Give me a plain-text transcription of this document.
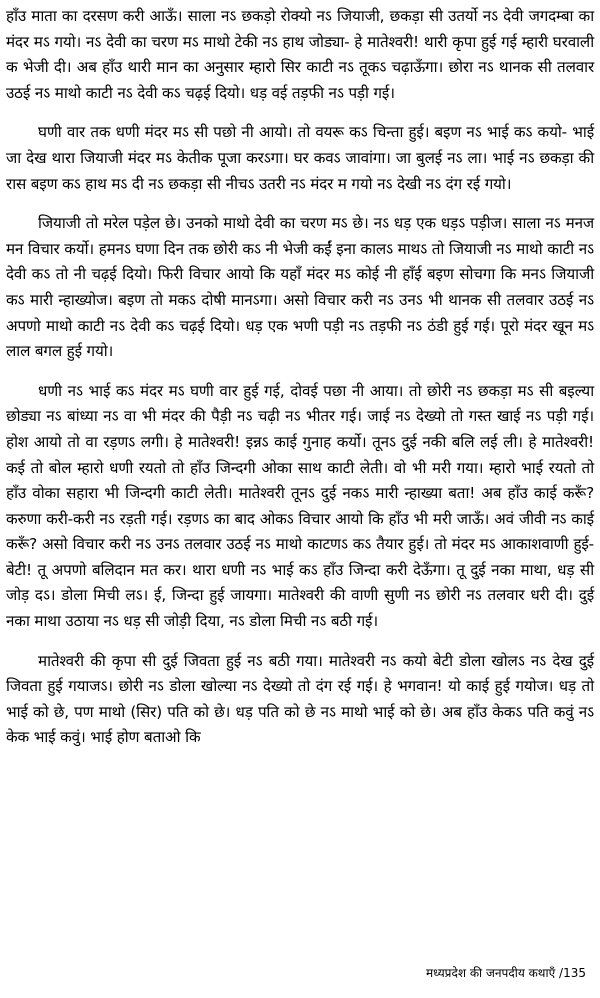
हाँउ माता का दरसण करी आऊँ। साला नऽ छकड़ो रोक्यो नऽ जियाजी, छकड़ा सी उतर्यो नऽ देवी जगदम्बा का मंदर मऽ गयो। नऽ देवी का चरण मऽ माथो टेकी नऽ हाथ जोड्या- हे मातेश्वरी! थारी कृपा हुई गई म्हारी घरवाली क भेजी दी। अब हाँउ थारी मान का अनुसार म्हारो सिर काटी नऽ तूकऽ चढ़ाऊँगा। छोरा नऽ थानक सी तलवार उठई नऽ माथो काटी नऽ देवी कऽ चढ़ई दियो। धड़ वई तड़फी नऽ पड़ी गई।

घणी वार तक धणी मंदर मऽ सी पछो नी आयो। तो वयरू कऽ चिन्ता हुई। बइण नऽ भाई कऽ कयो- भाई जा देख थारा जियाजी मंदर मऽ केतीक पूजा करऽगा। घर कवऽ जावांगा। जा बुलई नऽ ला। भाई नऽ छकड़ा की रास बइण कऽ हाथ मऽ दी नऽ छकड़ा सी नीचऽ उतरी नऽ मंदर म गयो नऽ देखी नऽ दंग रई गयो।

जियाजी तो मरेल पड़ेल छे। उनको माथो देवी का चरण मऽ छे। नऽ धड़ एक धड़ऽ पड़ीज। साला नऽ मनज मन विचार कर्यो। हमनऽ घणा दिन तक छोरी कऽ नी भेजी कईं इना कालऽ माथऽ तो जियाजी नऽ माथो काटी नऽ देवी कऽ तो नी चढ़ई दियो। फिरी विचार आयो कि यहाँ मंदर मऽ कोई नी हाँई बइण सोचगा कि मनऽ जियाजी कऽ मारी न्हाख्योज। बइण तो मकऽ दोषी मानऽगा। असो विचार करी नऽ उनऽ भी थानक सी तलवार उठई नऽ अपणो माथो काटी नऽ देवी कऽ चढ़ई दियो। धड़ एक भणी पड़ी नऽ तड़फी नऽ ठंडी हुई गई। पूरो मंदर खून मऽ लाल बगल हुई गयो।

धणी नऽ भाई कऽ मंदर मऽ घणी वार हुई गई, दोवई पछा नी आया। तो छोरी नऽ छकड़ा मऽ सी बइल्या छोड्या नऽ बांध्या नऽ वा भी मंदर की पैड़ी नऽ चढ़ी नऽ भीतर गई। जाई नऽ देख्यो तो गस्त खाई नऽ पड़ी गई। होश आयो तो वा रड़णऽ लगी। हे मातेश्वरी! इन्नऽ काई गुनाह कर्यो। तूनऽ दुई नकी बलि लई ली। हे मातेश्वरी! कई तो बोल म्हारो धणी रयतो तो हाँउ जिन्दगी ओका साथ काटी लेती। वो भी मरी गया। म्हारो भाई रयतो तो हाँउ वोका सहारा भी जिन्दगी काटी लेती। मातेश्वरी तूनऽ दुई नकऽ मारी न्हाख्या बता! अब हाँउ काई करूँ? करुणा करी-करी नऽ रड़ती गई। रड़णऽ का बाद ओकऽ विचार आयो कि हाँउ भी मरी जाऊँ। अवं जीवी नऽ काई करूँ? असो विचार करी नऽ उनऽ तलवार उठई नऽ माथो काटणऽ कऽ तैयार हुई। तो मंदर मऽ आकाशवाणी हुई- बेटी! तू अपणो बलिदान मत कर। थारा धणी नऽ भाई कऽ हाँउ जिन्दा करी देऊँगा। तू दुई नका माथा, धड़ सी जोड़ दऽ। डोला मिची लऽ। ई, जिन्दा हुई जायगा। मातेश्वरी की वाणी सुणी नऽ छोरी नऽ तलवार धरी दी। दुई नका माथा उठाया नऽ धड़ सी जोड़ी दिया, नऽ डोला मिची नऽ बठी गई।

मातेश्वरी की कृपा सी दुई जिवता हुई नऽ बठी गया। मातेश्वरी नऽ कयो बेटी डोला खोलऽ नऽ देख दुई जिवता हुई गयाजऽ। छोरी नऽ डोला खोल्या नऽ देख्यो तो दंग रई गई। हे भगवान! यो काई हुई गयोज। धड़ तो भाई को छे, पण माथो (सिर) पति को छे। धड़ पति को छे नऽ माथो भाई को छे। अब हाँउ केकऽ पति कवुं नऽ केक भाई कवुं। भाई होण बताओ कि

मध्यप्रदेश की जनपदीय कथाएँ /135
